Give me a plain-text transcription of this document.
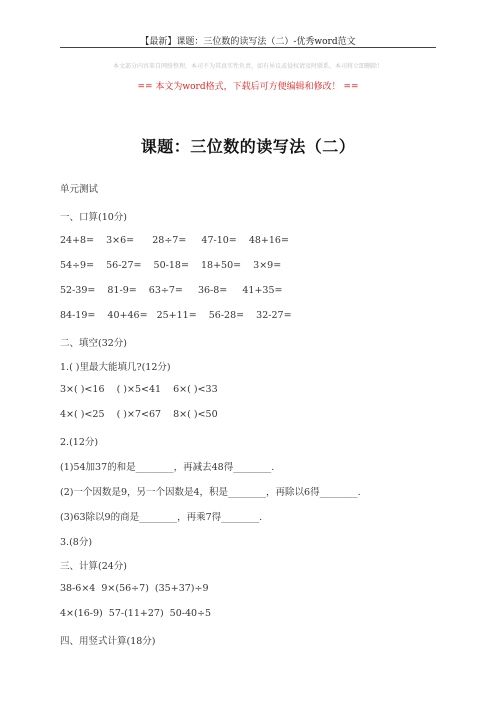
【最新】课题：三位数的读写法（二）-优秀word范文
本文部分内容来自网络整理，本司不为其真实性负责，如有异议或侵权请及时联系，本司将立即删除！
== 本文为word格式，下载后可方便编辑和修改！ ==
课题：三位数的读写法（二）
单元测试
一、口算(10分)
24+8=    3×6=      28÷7=     47-10=    48+16=
54÷9=    56-27=    50-18=    18+50=    3×9=
52-39=    81-9=    63÷7=     36-8=     41+35=
84-19=    40+46=   25+11=    56-28=    32-27=
二、填空(32分)
1.( )里最大能填几?(12分)
3×( )<16    ( )×5<41    6×( )<33
4×( )<25    ( )×7<67    8×( )<50
2.(12分)
(1)54加37的和是________，再减去48得________.
(2)一个因数是9，另一个因数是4，积是________，再除以6得________.
(3)63除以9的商是________，再乘7得________.
3.(8分)
三、计算(24分)
38-6×4  9×(56÷7)  (35+37)÷9
4×(16-9)  57-(11+27)  50-40÷5
四、用竖式计算(18分)
